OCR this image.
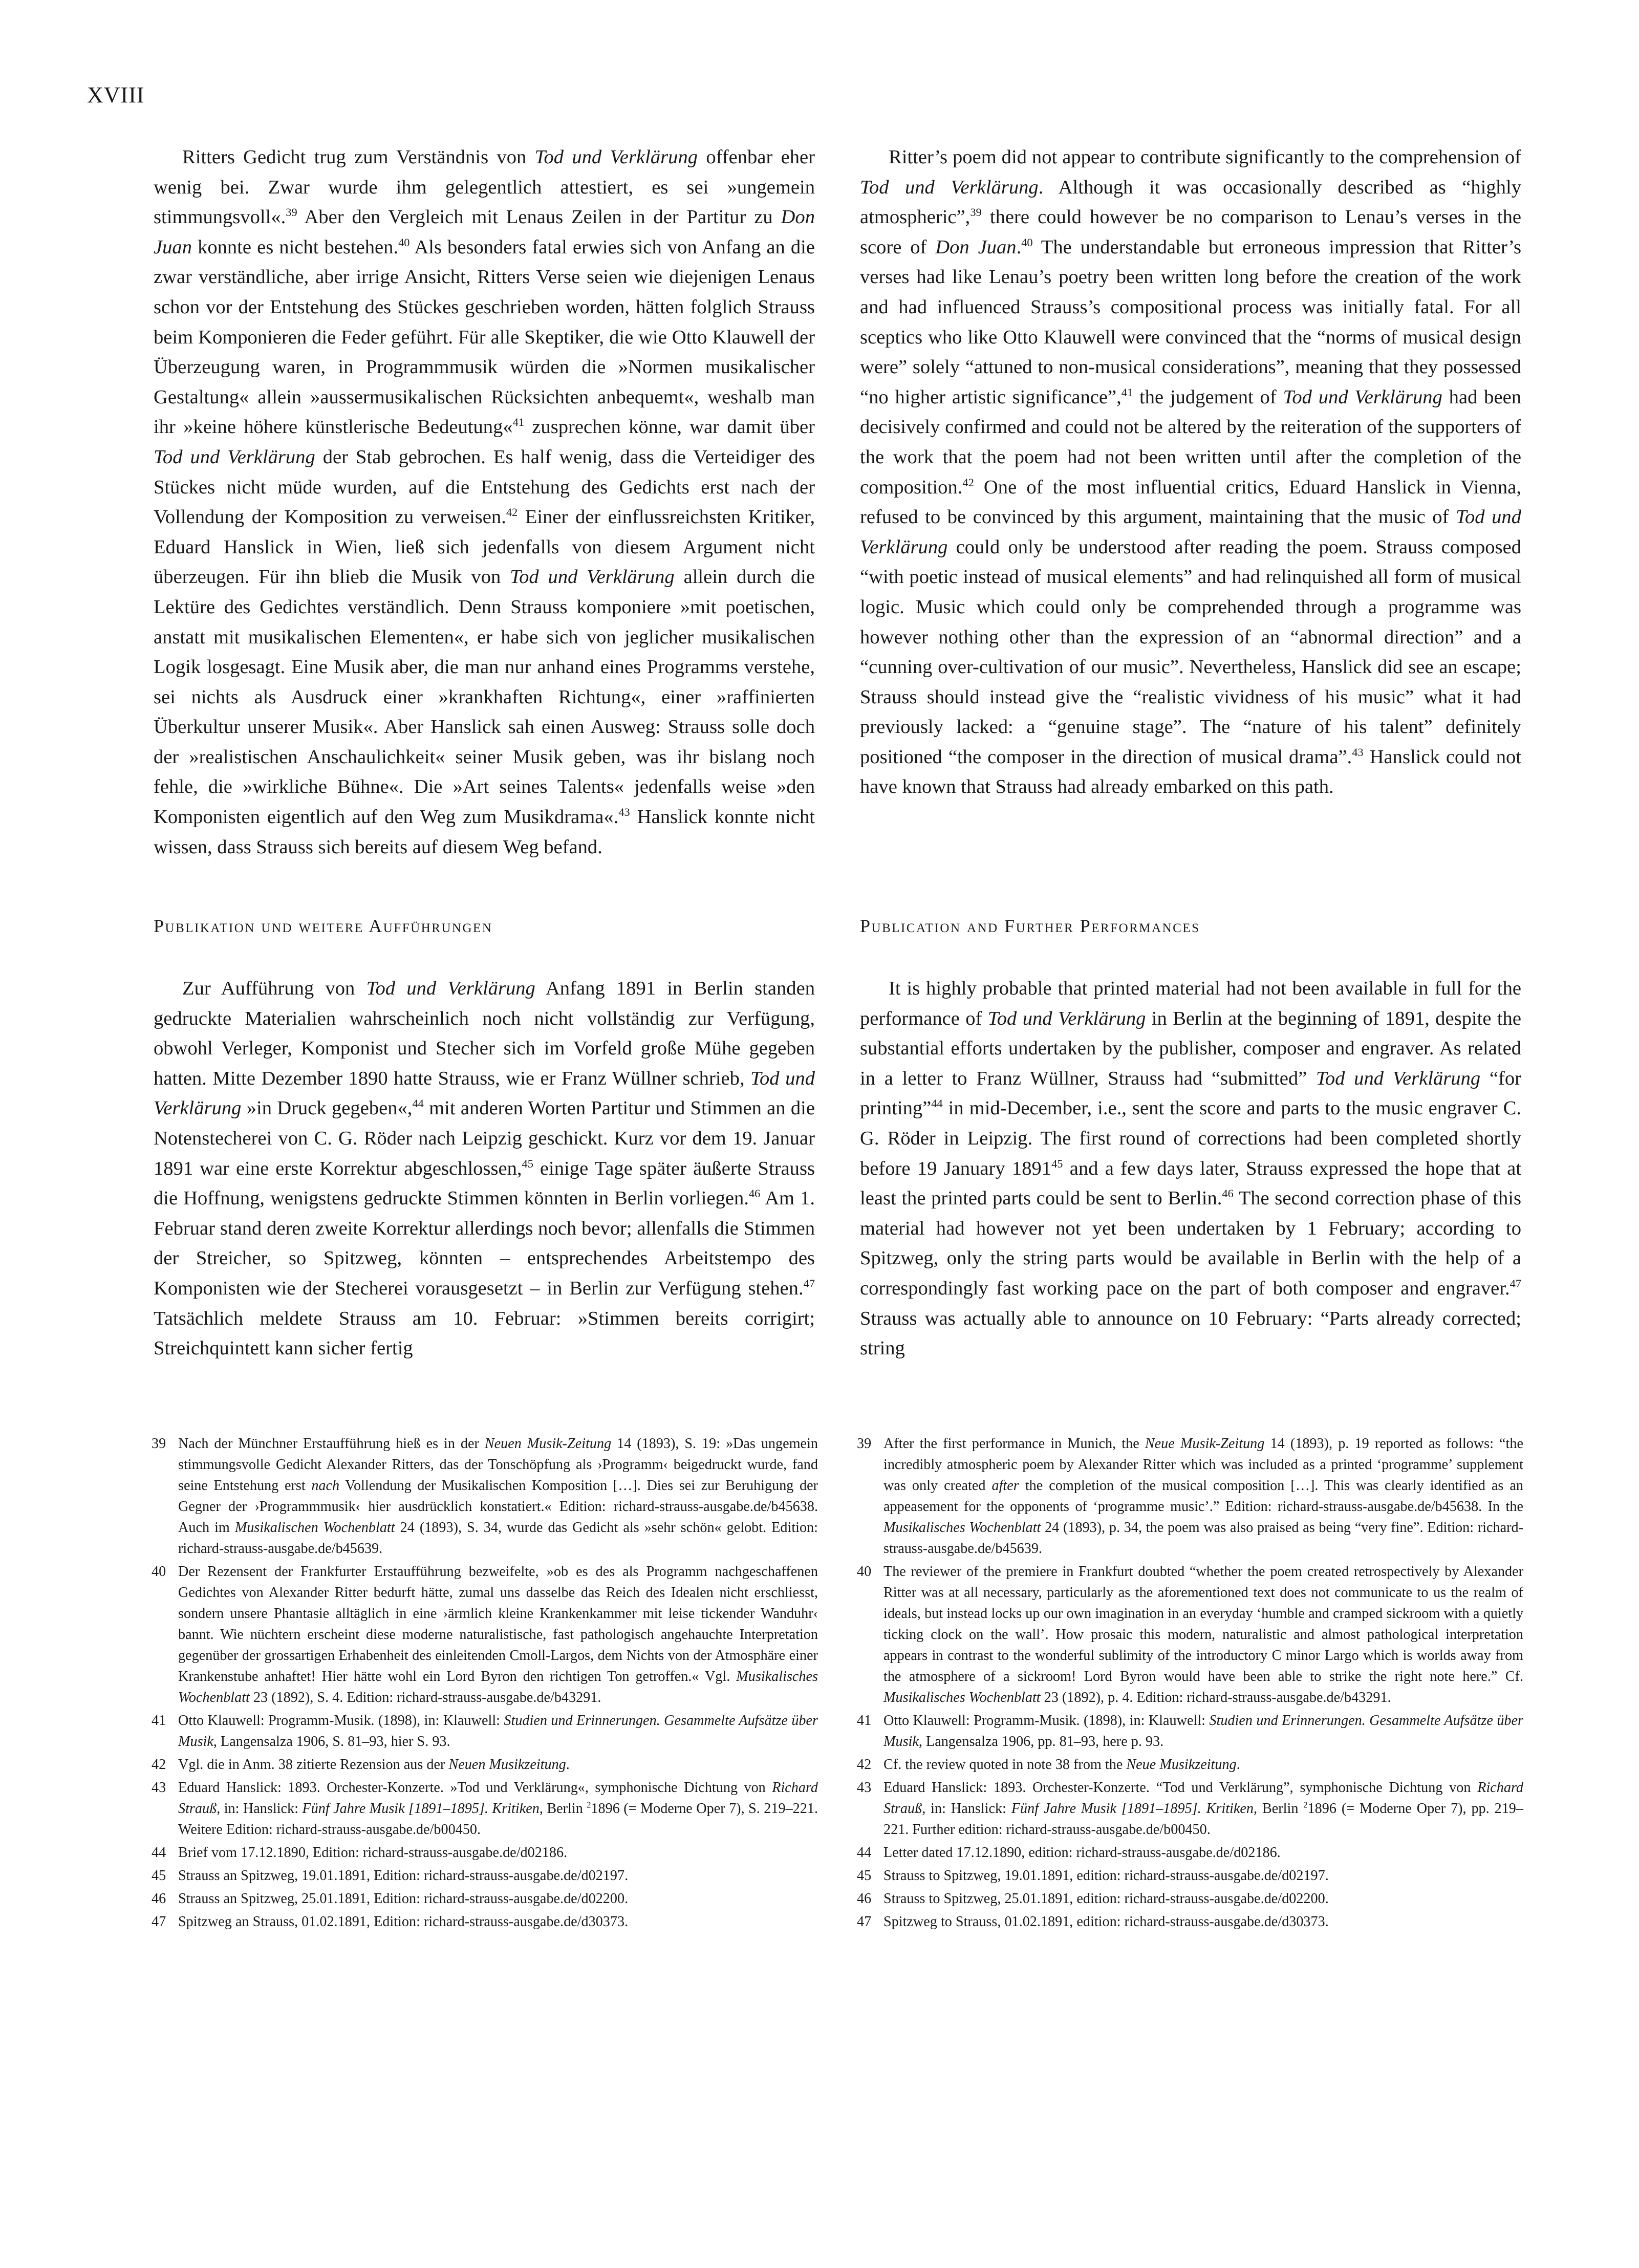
XVIII

Ritters Gedicht trug zum Verständnis von Tod und Verklärung offenbar eher wenig bei. Zwar wurde ihm gelegentlich attestiert, es sei »ungemein stimmungsvoll«.$^{39}$ Aber den Vergleich mit Lenaus Zeilen in der Partitur zu Don Juan konnte es nicht bestehen.$^{40}$ Als besonders fatal erwies sich von Anfang an die zwar verständliche, aber irrige Ansicht, Ritters Verse seien wie diejenigen Lenaus schon vor der Entstehung des Stückes geschrieben worden, hätten folglich Strauss beim Komponieren die Feder geführt. Für alle Skeptiker, die wie Otto Klauwell der Überzeugung waren, in Programmmusik würden die »Normen musikalischer Gestaltung« allein »aussermusikalischen Rücksichten anbequemt«, weshalb man ihr »keine höhere künstlerische Bedeutung«$^{41}$ zusprechen könne, war damit über Tod und Verklärung der Stab gebrochen. Es half wenig, dass die Verteidiger des Stückes nicht müde wurden, auf die Entstehung des Gedichts erst nach der Vollendung der Komposition zu verweisen.$^{42}$ Einer der einflussreichsten Kritiker, Eduard Hanslick in Wien, ließ sich jedenfalls von diesem Argument nicht überzeugen. Für ihn blieb die Musik von Tod und Verklärung allein durch die Lektüre des Gedichtes verständlich. Denn Strauss komponiere »mit poetischen, anstatt mit musikalischen Elementen«, er habe sich von jeglicher musikalischen Logik losgesagt. Eine Musik aber, die man nur anhand eines Programms verstehe, sei nichts als Ausdruck einer »krankhaften Richtung«, einer »raffinierten Überkultur unserer Musik«. Aber Hanslick sah einen Ausweg: Strauss solle doch der »realistischen Anschaulichkeit« seiner Musik geben, was ihr bislang noch fehle, die »wirkliche Bühne«. Die »Art seines Talents« jedenfalls weise »den Komponisten eigentlich auf den Weg zum Musikdrama«.$^{43}$ Hanslick konnte nicht wissen, dass Strauss sich bereits auf diesem Weg befand.

Ritter’s poem did not appear to contribute significantly to the comprehension of Tod und Verklärung. Although it was occasionally described as “highly atmospheric”,$^{39}$ there could however be no comparison to Lenau’s verses in the score of Don Juan.$^{40}$ The understandable but erroneous impression that Ritter’s verses had like Lenau’s poetry been written long before the creation of the work and had influenced Strauss’s compositional process was initially fatal. For all sceptics who like Otto Klauwell were convinced that the “norms of musical design were” solely “attuned to non-musical considerations”, meaning that they possessed “no higher artistic significance”,$^{41}$ the judgement of Tod und Verklärung had been decisively confirmed and could not be altered by the reiteration of the supporters of the work that the poem had not been written until after the completion of the composition.$^{42}$ One of the most influential critics, Eduard Hanslick in Vienna, refused to be convinced by this argument, maintaining that the music of Tod und Verklärung could only be understood after reading the poem. Strauss composed “with poetic instead of musical elements” and had relinquished all form of musical logic. Music which could only be comprehended through a programme was however nothing other than the expression of an “abnormal direction” and a “cunning over-cultivation of our music”. Nevertheless, Hanslick did see an escape; Strauss should instead give the “realistic vividness of his music” what it had previously lacked: a “genuine stage”. The “nature of his talent” definitely positioned “the composer in the direction of musical drama”.$^{43}$ Hanslick could not have known that Strauss had already embarked on this path.

Publikation und weitere Aufführungen	Publication and Further Performances

Zur Aufführung von Tod und Verklärung Anfang 1891 in Berlin standen gedruckte Materialien wahrscheinlich noch nicht vollständig zur Verfügung, obwohl Verleger, Komponist und Stecher sich im Vorfeld große Mühe gegeben hatten. Mitte Dezember 1890 hatte Strauss, wie er Franz Wüllner schrieb, Tod und Verklärung »in Druck gegeben«,$^{44}$ mit anderen Worten Partitur und Stimmen an die Notenstecherei von C. G. Röder nach Leipzig geschickt. Kurz vor dem 19. Januar 1891 war eine erste Korrektur abgeschlossen,$^{45}$ einige Tage später äußerte Strauss die Hoffnung, wenigstens gedruckte Stimmen könnten in Berlin vorliegen.$^{46}$ Am 1. Februar stand deren zweite Korrektur allerdings noch bevor; allenfalls die Stimmen der Streicher, so Spitzweg, könnten – entsprechendes Arbeitstempo des Komponisten wie der Stecherei vorausgesetzt – in Berlin zur Verfügung stehen.$^{47}$ Tatsächlich meldete Strauss am 10. Februar: »Stimmen bereits corrigirt; Streichquintett kann sicher fertig

It is highly probable that printed material had not been available in full for the performance of Tod und Verklärung in Berlin at the beginning of 1891, despite the substantial efforts undertaken by the publisher, composer and engraver. As related in a letter to Franz Wüllner, Strauss had “submitted” Tod und Verklärung “for printing”$^{44}$ in mid-December, i.e., sent the score and parts to the music engraver C. G. Röder in Leipzig. The first round of corrections had been completed shortly before 19 January 1891$^{45}$ and a few days later, Strauss expressed the hope that at least the printed parts could be sent to Berlin.$^{46}$ The second correction phase of this material had however not yet been undertaken by 1 February; according to Spitzweg, only the string parts would be available in Berlin with the help of a correspondingly fast working pace on the part of both composer and engraver.$^{47}$ Strauss was actually able to announce on 10 February: “Parts already corrected; string

39 Nach der Münchner Erstaufführung hieß es in der Neuen Musik-Zeitung 14 (1893), S. 19: »Das ungemein stimmungsvolle Gedicht Alexander Ritters, das der Tonschöpfung als ›Programm‹ beigedruckt wurde, fand seine Entstehung erst nach Vollendung der Musikalischen Komposition […]. Dies sei zur Beruhigung der Gegner der ›Programmmusik‹ hier ausdrücklich konstatiert.« Edition: richard-strauss-ausgabe.de/b45638. Auch im Musikalischen Wochenblatt 24 (1893), S. 34, wurde das Gedicht als »sehr schön« gelobt. Edition: richard-strauss-ausgabe.de/b45639.
40 Der Rezensent der Frankfurter Erstaufführung bezweifelte, »ob es des als Programm nachgeschaffenen Gedichtes von Alexander Ritter bedurft hätte, zumal uns dasselbe das Reich des Idealen nicht erschliesst, sondern unsere Phantasie alltäglich in eine ›ärmlich kleine Krankenkammer mit leise tickender Wanduhr‹ bannt. Wie nüchtern erscheint diese moderne naturalistische, fast pathologisch angehauchte Interpretation gegenüber der grossartigen Erhabenheit des einleitenden Cmoll-Largos, dem Nichts von der Atmosphäre einer Krankenstube anhaftet! Hier hätte wohl ein Lord Byron den richtigen Ton getroffen.« Vgl. Musikalisches Wochenblatt 23 (1892), S. 4. Edition: richard-strauss-ausgabe.de/b43291.
41 Otto Klauwell: Programm-Musik. (1898), in: Klauwell: Studien und Erinnerungen. Gesammelte Aufsätze über Musik, Langensalza 1906, S. 81–93, hier S. 93.
42 Vgl. die in Anm. 38 zitierte Rezension aus der Neuen Musikzeitung.
43 Eduard Hanslick: 1893. Orchester-Konzerte. »Tod und Verklärung«, symphonische Dichtung von Richard Strauß, in: Hanslick: Fünf Jahre Musik [1891–1895]. Kritiken, Berlin $^2$1896 (= Moderne Oper 7), S. 219–221. Weitere Edition: richard-strauss-ausgabe.de/b00450.
44 Brief vom 17.12.1890, Edition: richard-strauss-ausgabe.de/d02186.
45 Strauss an Spitzweg, 19.01.1891, Edition: richard-strauss-ausgabe.de/d02197.
46 Strauss an Spitzweg, 25.01.1891, Edition: richard-strauss-ausgabe.de/d02200.
47 Spitzweg an Strauss, 01.02.1891, Edition: richard-strauss-ausgabe.de/d30373.
39 After the first performance in Munich, the Neue Musik-Zeitung 14 (1893), p. 19 reported as follows: “the incredibly atmospheric poem by Alexander Ritter which was included as a printed ‘programme’ supplement was only created after the completion of the musical composition […]. This was clearly identified as an appeasement for the opponents of ‘programme music’.” Edition: richard-strauss-ausgabe.de/b45638. In the Musikalisches Wochenblatt 24 (1893), p. 34, the poem was also praised as being “very fine”. Edition: richard-strauss-ausgabe.de/b45639.
40 The reviewer of the premiere in Frankfurt doubted “whether the poem created retrospectively by Alexander Ritter was at all necessary, particularly as the aforementioned text does not communicate to us the realm of ideals, but instead locks up our own imagination in an everyday ‘humble and cramped sickroom with a quietly ticking clock on the wall’. How prosaic this modern, naturalistic and almost pathological interpretation appears in contrast to the wonderful sublimity of the introductory C minor Largo which is worlds away from the atmosphere of a sickroom! Lord Byron would have been able to strike the right note here.” Cf. Musikalisches Wochenblatt 23 (1892), p. 4. Edition: richard-strauss-ausgabe.de/b43291.
41 Otto Klauwell: Programm-Musik. (1898), in: Klauwell: Studien und Erinnerungen. Gesammelte Aufsätze über Musik, Langensalza 1906, pp. 81–93, here p. 93.
42 Cf. the review quoted in note 38 from the Neue Musikzeitung.
43 Eduard Hanslick: 1893. Orchester-Konzerte. “Tod und Verklärung”, symphonische Dichtung von Richard Strauß, in: Hanslick: Fünf Jahre Musik [1891–1895]. Kritiken, Berlin $^2$1896 (= Moderne Oper 7), pp. 219–221. Further edition: richard-strauss-ausgabe.de/b00450.
44 Letter dated 17.12.1890, edition: richard-strauss-ausgabe.de/d02186.
45 Strauss to Spitzweg, 19.01.1891, edition: richard-strauss-ausgabe.de/d02197.
46 Strauss to Spitzweg, 25.01.1891, edition: richard-strauss-ausgabe.de/d02200.
47 Spitzweg to Strauss, 01.02.1891, edition: richard-strauss-ausgabe.de/d30373.
